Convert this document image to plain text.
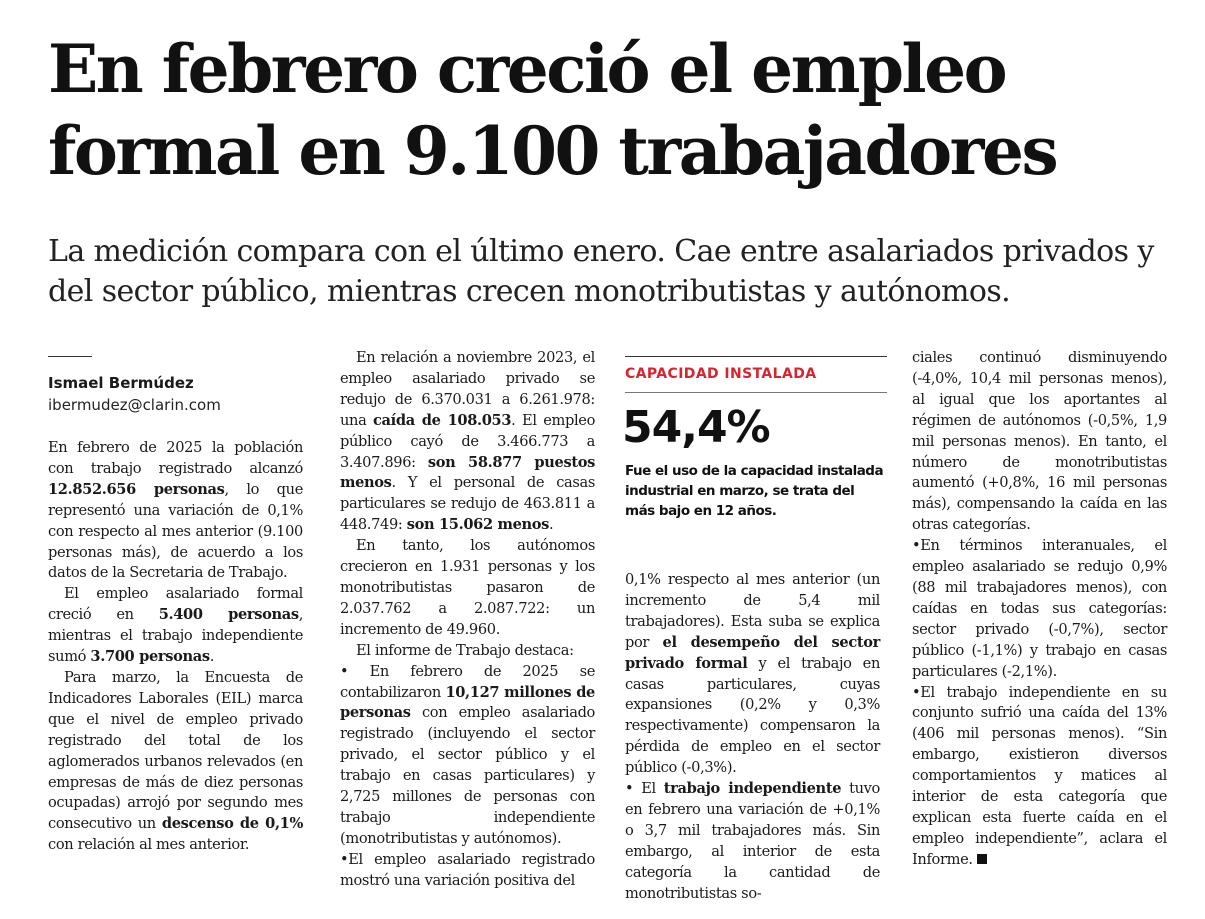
En febrero creció el empleo
formal en 9.100 trabajadores

La medición compara con el último enero. Cae entre asalariados privados y
del sector público, mientras crecen monotributistas y autónomos.

Ismael Bermúdez
ibermudez@clarin.com

En febrero de 2025 la población con trabajo registrado alcanzó 12.852.656 personas, lo que representó una variación de 0,1% con respecto al mes anterior (9.100 personas más), de acuerdo a los datos de la Secretaria de Trabajo.

El empleo asalariado formal creció en 5.400 personas, mientras el trabajo independiente sumó 3.700 personas.

Para marzo, la Encuesta de Indicadores Laborales (EIL) marca que el nivel de empleo privado registrado del total de los aglomerados urbanos relevados (en empresas de más de diez personas ocupadas) arrojó por segundo mes consecutivo un descenso de 0,1% con relación al mes anterior.

En relación a noviembre 2023, el empleo asalariado privado se redujo de 6.370.031 a 6.261.978: una caída de 108.053. El empleo público cayó de 3.466.773 a 3.407.896: son 58.877 puestos menos. Y el personal de casas particulares se redujo de 463.811 a 448.749: son 15.062 menos.

En tanto, los autónomos crecieron en 1.931 personas y los monotributistas pasaron de 2.037.762 a 2.087.722: un incremento de 49.960.

El informe de Trabajo destaca:

• En febrero de 2025 se contabilizaron 10,127 millones de personas con empleo asalariado registrado (incluyendo el sector privado, el sector público y el trabajo en casas particulares) y 2,725 millones de personas con trabajo independiente (monotributistas y autónomos).

•El empleo asalariado registrado mostró una variación positiva del

CAPACIDAD INSTALADA
54,4%
Fue el uso de la capacidad instalada industrial en marzo, se trata del más bajo en 12 años.

0,1% respecto al mes anterior (un incremento de 5,4 mil trabajadores). Esta suba se explica por el desempeño del sector privado formal y el trabajo en casas particulares, cuyas expansiones (0,2% y 0,3% respectivamente) compensaron la pérdida de empleo en el sector público (-0,3%).

• El trabajo independiente tuvo en febrero una variación de +0,1% o 3,7 mil trabajadores más. Sin embargo, al interior de esta categoría la cantidad de monotributistas so-

ciales continuó disminuyendo (-4,0%, 10,4 mil personas menos), al igual que los aportantes al régimen de autónomos (-0,5%, 1,9 mil personas menos). En tanto, el número de monotributistas aumentó (+0,8%, 16 mil personas más), compensando la caída en las otras categorías.

•En términos interanuales, el empleo asalariado se redujo 0,9% (88 mil trabajadores menos), con caídas en todas sus categorías: sector privado (-0,7%), sector público (-1,1%) y trabajo en casas particulares (-2,1%).

•El trabajo independiente en su conjunto sufrió una caída del 13% (406 mil personas menos). “Sin embargo, existieron diversos comportamientos y matices al interior de esta categoría que explican esta fuerte caída en el empleo independiente”, aclara el Informe.
